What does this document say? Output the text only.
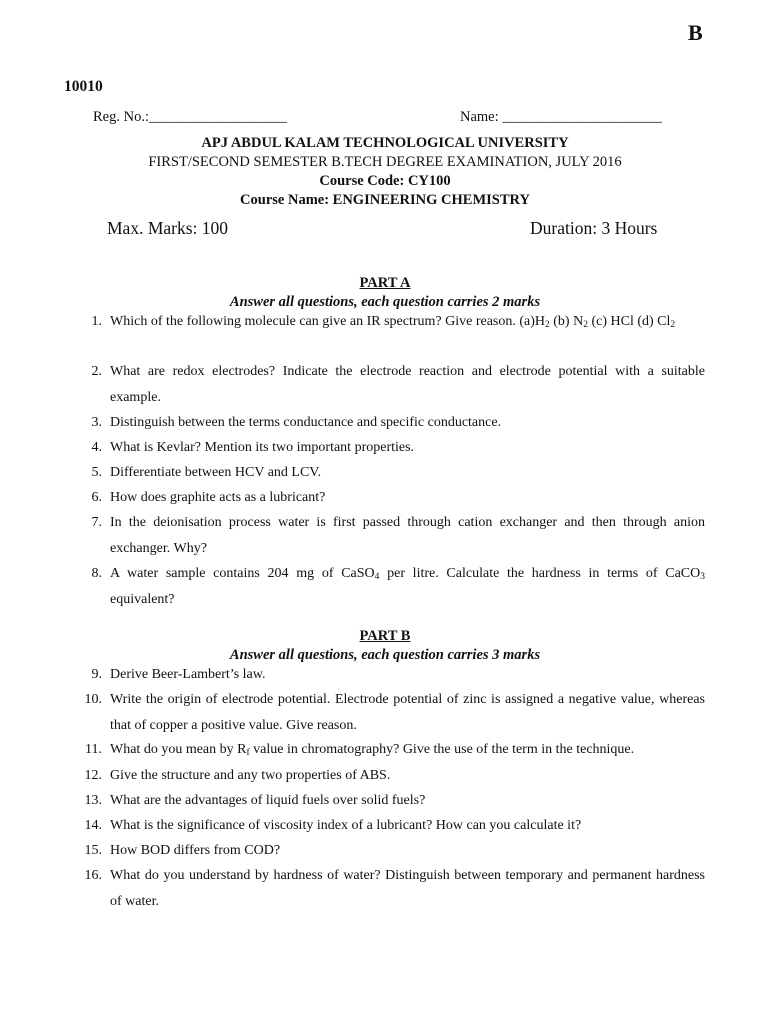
B
10010
Reg. No.:___________________	Name: ______________________
APJ ABDUL KALAM TECHNOLOGICAL UNIVERSITY
FIRST/SECOND SEMESTER B.TECH DEGREE EXAMINATION, JULY 2016
Course Code: CY100
Course Name: ENGINEERING CHEMISTRY
Max. Marks: 100	Duration: 3 Hours
PART A
Answer all questions, each question carries 2 marks
1. Which of the following molecule can give an IR spectrum? Give reason. $(a)H_2$ (b) $N_2$ (c) HCl (d) $Cl_2$
2. What are redox electrodes? Indicate the electrode reaction and electrode potential with a suitable example.
3. Distinguish between the terms conductance and specific conductance.
4. What is Kevlar? Mention its two important properties.
5. Differentiate between HCV and LCV.
6. How does graphite acts as a lubricant?
7. In the deionisation process water is first passed through cation exchanger and then through anion exchanger. Why?
8. A water sample contains 204 mg of CaSO$_4$ per litre. Calculate the hardness in terms of CaCO$_3$ equivalent?
PART B
Answer all questions, each question carries 3 marks
9. Derive Beer-Lambert’s law.
10. Write the origin of electrode potential. Electrode potential of zinc is assigned a negative value, whereas that of copper a positive value. Give reason.
11. What do you mean by $R_f$ value in chromatography? Give the use of the term in the technique.
12. Give the structure and any two properties of ABS.
13. What are the advantages of liquid fuels over solid fuels?
14. What is the significance of viscosity index of a lubricant? How can you calculate it?
15. How BOD differs from COD?
16. What do you understand by hardness of water? Distinguish between temporary and permanent hardness of water.
